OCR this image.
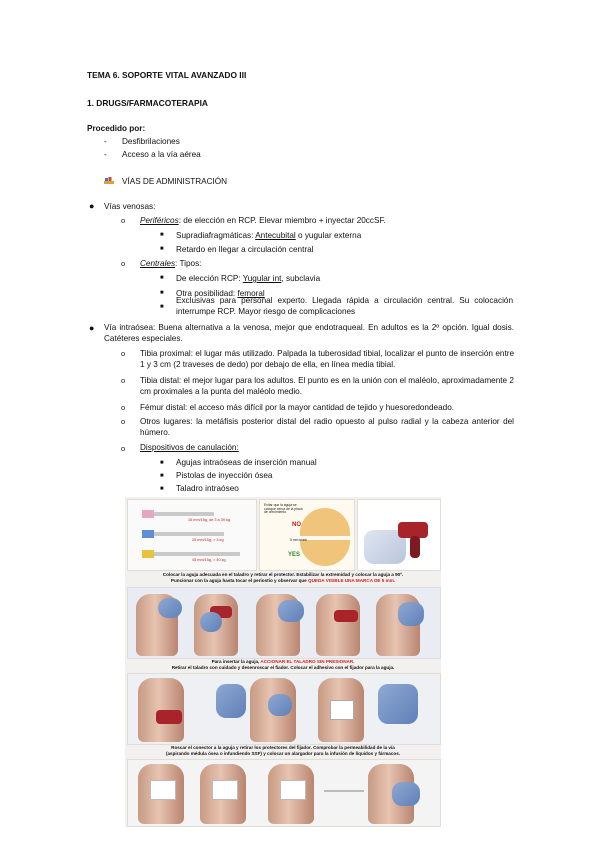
TEMA 6. SOPORTE VITAL AVANZADO III
1. DRUGS/FARMACOTERAPIA
Procedido por:
- Desfibrilaciones
- Acceso a la vía aérea
VÍAS DE ADMINISTRACIÓN
● Vías venosas:
o Periféricos: de elección en RCP. Elevar miembro + inyectar 20ccSF.
■ Supradiafragmáticas: Antecubital o yugular externa
■ Retardo en llegar a circulación central
o Centrales: Tipos:
■ De elección RCP: Yugular int, subclavia
■ Otra posibilidad: femoral
■
Exclusivas para personal experto. Llegada rápida a circulación central. Su colocación interrumpe RCP. Mayor riesgo de complicaciones
● Vía intraósea: Buena alternativa a la venosa, mejor que endotraqueal. En adultos es la 2º opción. Igual dosis. Catéteres especiales.
o Tibia proximal: el lugar más utilizado. Palpada la tuberosidad tibial, localizar el punto de inserción entre 1 y 3 cm (2 traveses de dedo) por debajo de ella, en línea media tibial.
o Tibia distal: el mejor lugar para los adultos. El punto es en la unión con el maléolo, aproximadamente 2 cm proximales a la punta del maléolo medio.
o Fémur distal: el acceso más difícil por la mayor cantidad de tejido y huesoredondeado.
o Otros lugares: la metáfisis posterior distal del radio opuesto al pulso radial y la cabeza anterior del húmero.
o Dispositivos de canulación:
■ Agujas intraóseas de inserción manual
■ Pistolas de inyección ósea
■ Taladro intraóseo
15 mm/15g, de 3 a 39 kg
25 mm/15g, > 3 kg
45 mm/15g, > 40 kg
Evitar que la aguja se coloque cerca de la placa de crecimiento
NO
YES
5 mm mark
Colocar la aguja adecuada en el taladro y retirar el protector. Estabilizar la extremidad y colocar la aguja a 90º.
Puncionar con la aguja hasta tocar el periostio y observar que QUEDA VISIBLE UNA MARCA DE 5 mm.
Para insertar la aguja, ACCIONAR EL TALADRO SIN PRESIONAR.
Retirar el taladro con cuidado y desenroscar el fiador. Colocar el adhesivo con el fijador para la aguja.
Roscar el conector a la aguja y retirar los protectores del fijador. Comprobar la permeabilidad de la vía
(aspirando médula ósea o infundiendo SSF) y colocar un alargador para la infusión de líquidos y fármacos.
